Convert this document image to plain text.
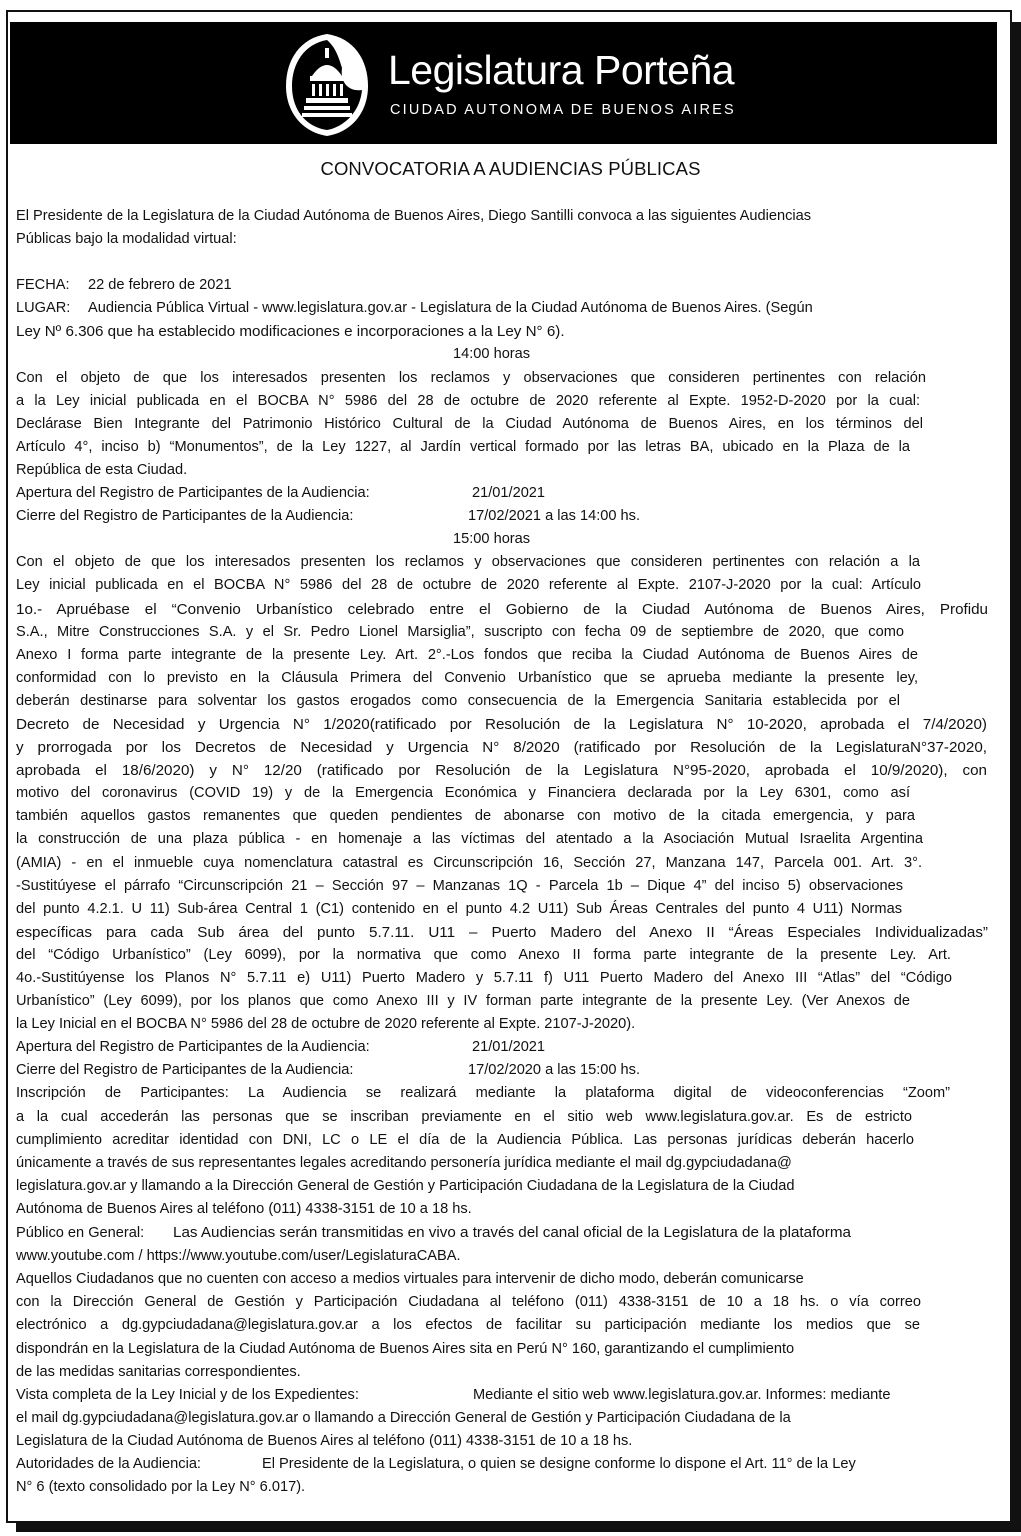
Legislatura Porteña
CIUDAD AUTONOMA DE BUENOS AIRES
CONVOCATORIA A AUDIENCIAS PÚBLICAS
El Presidente de la Legislatura de la Ciudad Autónoma de Buenos Aires, Diego Santilli convoca a las siguientes Audiencias
Públicas bajo la modalidad virtual:
FECHA: 22 de febrero de 2021
LUGAR: Audiencia Pública Virtual - www.legislatura.gov.ar - Legislatura de la Ciudad Autónoma de Buenos Aires. (Según
Ley Nº 6.306 que ha establecido modificaciones e incorporaciones a la Ley N° 6).
14:00 horas
Con el objeto de que los interesados presenten los reclamos y observaciones que consideren pertinentes con relación
a la Ley inicial publicada en el BOCBA N° 5986 del 28 de octubre de 2020 referente al Expte. 1952-D-2020 por la cual:
Declárase Bien Integrante del Patrimonio Histórico Cultural de la Ciudad Autónoma de Buenos Aires, en los términos del
Artículo 4°, inciso b) “Monumentos”, de la Ley 1227, al Jardín vertical formado por las letras BA, ubicado en la Plaza de la
República de esta Ciudad.
Apertura del Registro de Participantes de la Audiencia:	21/01/2021
Cierre del Registro de Participantes de la Audiencia:	17/02/2021 a las 14:00 hs.
15:00 horas
Con el objeto de que los interesados presenten los reclamos y observaciones que consideren pertinentes con relación a la
Ley inicial publicada en el BOCBA N° 5986 del 28 de octubre de 2020 referente al Expte. 2107-J-2020 por la cual: Artículo
1o.- Apruébase el “Convenio Urbanístico celebrado entre el Gobierno de la Ciudad Autónoma de Buenos Aires, Profidu
S.A., Mitre Construcciones S.A. y el Sr. Pedro Lionel Marsiglia”, suscripto con fecha 09 de septiembre de 2020, que como
Anexo I forma parte integrante de la presente Ley. Art. 2°.-Los fondos que reciba la Ciudad Autónoma de Buenos Aires de
conformidad con lo previsto en la Cláusula Primera del Convenio Urbanístico que se aprueba mediante la presente ley,
deberán destinarse para solventar los gastos erogados como consecuencia de la Emergencia Sanitaria establecida por el
Decreto de Necesidad y Urgencia N° 1/2020(ratificado por Resolución de la Legislatura N° 10-2020, aprobada el 7/4/2020)
y prorrogada por los Decretos de Necesidad y Urgencia N° 8/2020 (ratificado por Resolución de la LegislaturaN°37-2020,
aprobada el 18/6/2020) y N° 12/20 (ratificado por Resolución de la Legislatura N°95-2020, aprobada el 10/9/2020), con
motivo del coronavirus (COVID 19) y de la Emergencia Económica y Financiera declarada por la Ley 6301, como así
también aquellos gastos remanentes que queden pendientes de abonarse con motivo de la citada emergencia, y para
la construcción de una plaza pública - en homenaje a las víctimas del atentado a la Asociación Mutual Israelita Argentina
(AMIA) - en el inmueble cuya nomenclatura catastral es Circunscripción 16, Sección 27, Manzana 147, Parcela 001. Art. 3°.
-Sustitúyese el párrafo “Circunscripción 21 – Sección 97 – Manzanas 1Q - Parcela 1b – Dique 4” del inciso 5) observaciones
del punto 4.2.1. U 11) Sub-área Central 1 (C1) contenido en el punto 4.2 U11) Sub Áreas Centrales del punto 4 U11) Normas
específicas para cada Sub área del punto 5.7.11. U11 – Puerto Madero del Anexo II “Áreas Especiales Individualizadas”
del “Código Urbanístico” (Ley 6099), por la normativa que como Anexo II forma parte integrante de la presente Ley. Art.
4o.-Sustitúyense los Planos N° 5.7.11 e) U11) Puerto Madero y 5.7.11 f) U11 Puerto Madero del Anexo III “Atlas” del “Código
Urbanístico” (Ley 6099), por los planos que como Anexo III y IV forman parte integrante de la presente Ley. (Ver Anexos de
la Ley Inicial en el BOCBA N° 5986 del 28 de octubre de 2020 referente al Expte. 2107-J-2020).
Apertura del Registro de Participantes de la Audiencia:	21/01/2021
Cierre del Registro de Participantes de la Audiencia:	17/02/2020 a las 15:00 hs.
Inscripción de Participantes: La Audiencia se realizará mediante la plataforma digital de videoconferencias “Zoom”
a la cual accederán las personas que se inscriban previamente en el sitio web www.legislatura.gov.ar. Es de estricto
cumplimiento acreditar identidad con DNI, LC o LE el día de la Audiencia Pública. Las personas jurídicas deberán hacerlo
únicamente a través de sus representantes legales acreditando personería jurídica mediante el mail dg.gypciudadana@
legislatura.gov.ar y llamando a la Dirección General de Gestión y Participación Ciudadana de la Legislatura de la Ciudad
Autónoma de Buenos Aires al teléfono (011) 4338-3151 de 10 a 18 hs.
Público en General: Las Audiencias serán transmitidas en vivo a través del canal oficial de la Legislatura de la plataforma
www.youtube.com / https://www.youtube.com/user/LegislaturaCABA.
Aquellos Ciudadanos que no cuenten con acceso a medios virtuales para intervenir de dicho modo, deberán comunicarse
con la Dirección General de Gestión y Participación Ciudadana al teléfono (011) 4338-3151 de 10 a 18 hs. o vía correo
electrónico a dg.gypciudadana@legislatura.gov.ar a los efectos de facilitar su participación mediante los medios que se
dispondrán en la Legislatura de la Ciudad Autónoma de Buenos Aires sita en Perú N° 160, garantizando el cumplimiento
de las medidas sanitarias correspondientes.
Vista completa de la Ley Inicial y de los Expedientes:	Mediante el sitio web www.legislatura.gov.ar. Informes: mediante
el mail dg.gypciudadana@legislatura.gov.ar o llamando a Dirección General de Gestión y Participación Ciudadana de la
Legislatura de la Ciudad Autónoma de Buenos Aires al teléfono (011) 4338-3151 de 10 a 18 hs.
Autoridades de la Audiencia:	El Presidente de la Legislatura, o quien se designe conforme lo dispone el Art. 11° de la Ley
N° 6 (texto consolidado por la Ley N° 6.017).
